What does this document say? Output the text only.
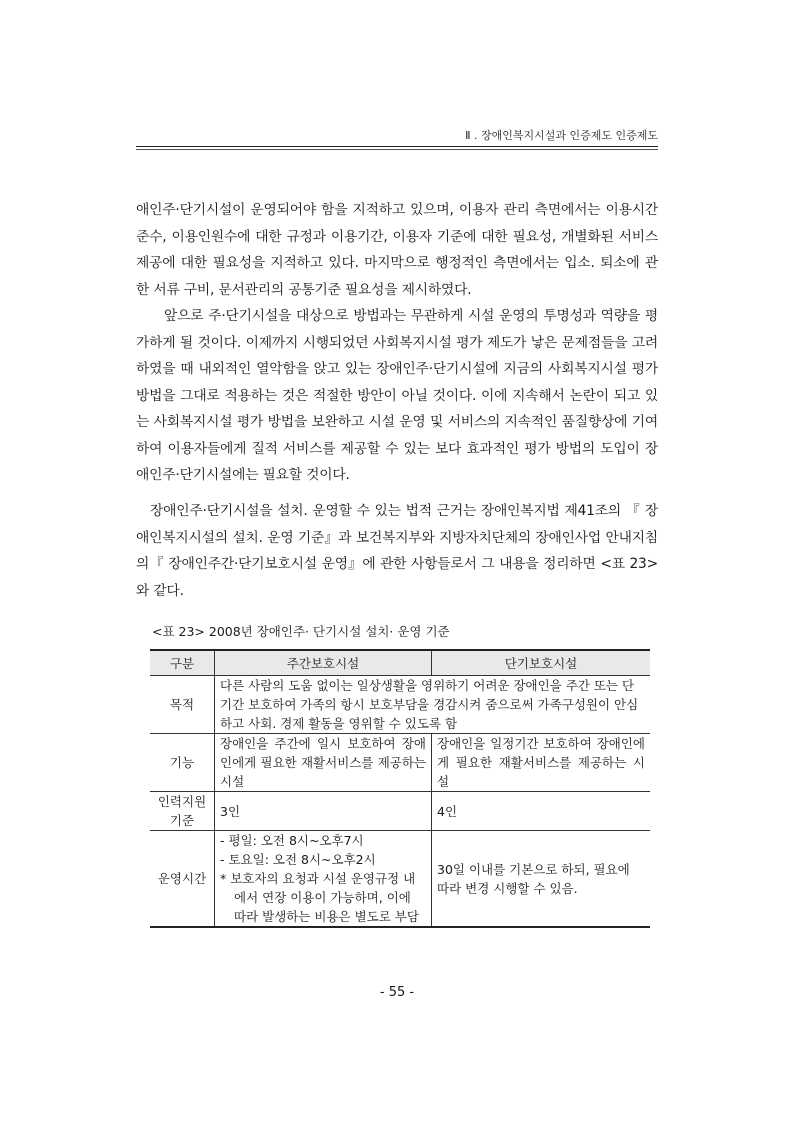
Ⅱ . 장애인복지시설과 인증제도 인증제도

애인주·단기시설이 운영되어야 함을 지적하고 있으며, 이용자 관리 측면에서는 이용시간 준수, 이용인원수에 대한 규정과 이용기간, 이용자 기준에 대한 필요성, 개별화된 서비스 제공에 대한 필요성을 지적하고 있다. 마지막으로 행정적인 측면에서는 입소. 퇴소에 관한 서류 구비, 문서관리의 공통기준 필요성을 제시하였다.

앞으로 주·단기시설을 대상으로 방법과는 무관하게 시설 운영의 투명성과 역량을 평가하게 될 것이다. 이제까지 시행되었던 사회복지시설 평가 제도가 낳은 문제점들을 고려하였을 때 내외적인 열악함을 앉고 있는 장애인주·단기시설에 지금의 사회복지시설 평가 방법을 그대로 적용하는 것은 적절한 방안이 아닐 것이다. 이에 지속해서 논란이 되고 있는 사회복지시설 평가 방법을 보완하고 시설 운영 및 서비스의 지속적인 품질향상에 기여하여 이용자들에게 질적 서비스를 제공할 수 있는 보다 효과적인 평가 방법의 도입이 장애인주·단기시설에는 필요할 것이다.

장애인주·단기시설을 설치. 운영할 수 있는 법적 근거는 장애인복지법 제41조의 『 장애인복지시설의 설치. 운영 기준』과 보건복지부와 지방자치단체의 장애인사업 안내지침의『 장애인주간·단기보호시설 운영』에 관한 사항들로서 그 내용을 정리하면 <표 23>와 같다.

<표 23> 2008년 장애인주· 단기시설 설치· 운영 기준
구분	주간보호시설	단기보호시설
목적	다른 사람의 도움 없이는 일상생활을 영위하기 어려운 장애인을 주간 또는 단기간 보호하여 가족의 항시 보호부담을 경감시켜 줌으로써 가족구성원이 안심하고 사회. 경제 활동을 영위할 수 있도록 함	
기능	장애인을 주간에 일시 보호하여 장애인에게 필요한 재활서비스를 제공하는 시설	장애인을 일정기간 보호하여 장애인에게 필요한 재활서비스를 제공하는 시설

인력지원
기준	3인	4인
운영시간	- 평일: 오전 8시~오후7시
- 토요일: 오전 8시~오후2시
* 보호자의 요청과 시설 운영규정 내
에서 연장 이용이 가능하며, 이에 따라 발생하는 비용은 별도로 부담	30일 이내를 기본으로 하되, 필요에 따라 변경 시행할 수 있음.
- 55 -
